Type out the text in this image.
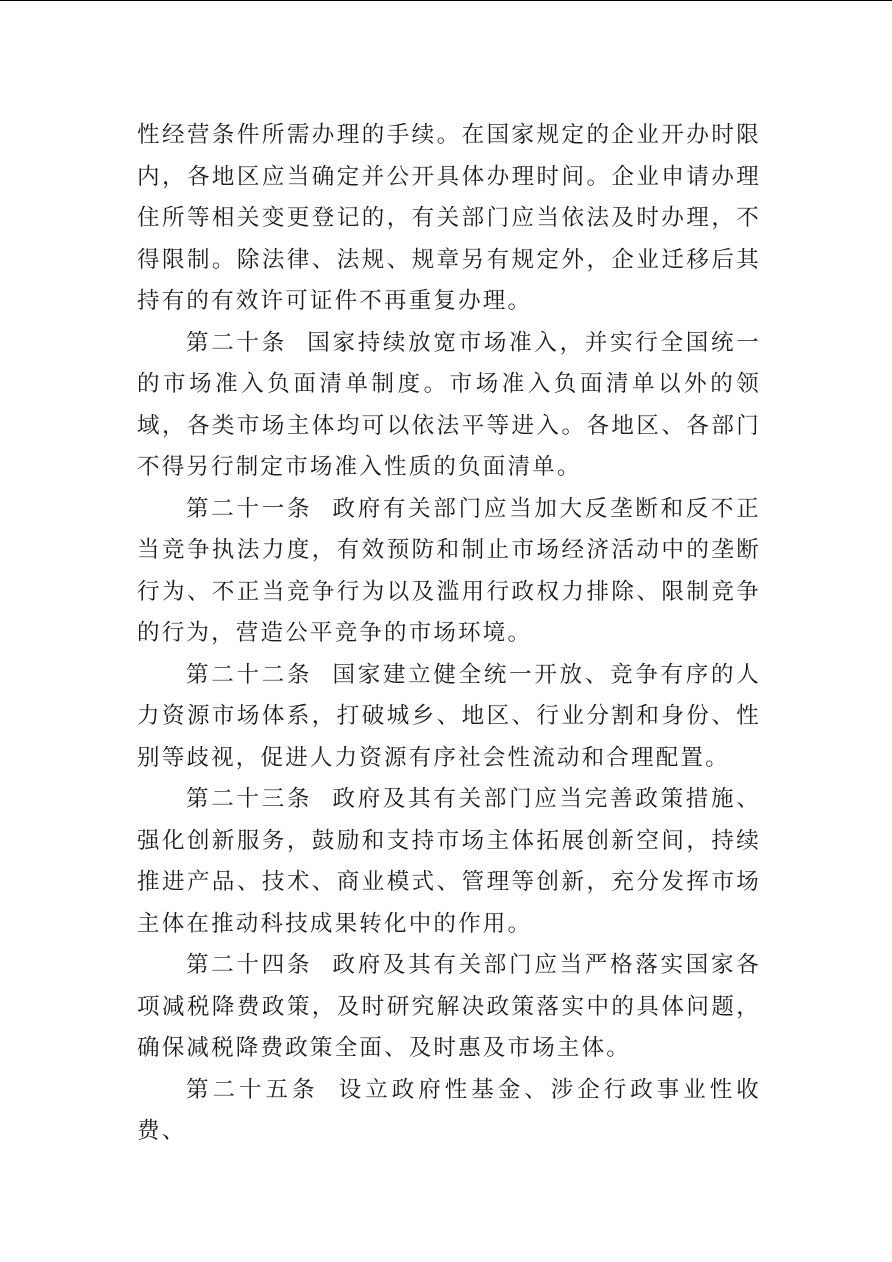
性经营条件所需办理的手续。在国家规定的企业开办时限内，各地区应当确定并公开具体办理时间。企业申请办理住所等相关变更登记的，有关部门应当依法及时办理，不得限制。除法律、法规、规章另有规定外，企业迁移后其持有的有效许可证件不再重复办理。

第二十条 国家持续放宽市场准入，并实行全国统一的市场准入负面清单制度。市场准入负面清单以外的领域，各类市场主体均可以依法平等进入。各地区、各部门不得另行制定市场准入性质的负面清单。

第二十一条 政府有关部门应当加大反垄断和反不正当竞争执法力度，有效预防和制止市场经济活动中的垄断行为、不正当竞争行为以及滥用行政权力排除、限制竞争的行为，营造公平竞争的市场环境。

第二十二条 国家建立健全统一开放、竞争有序的人力资源市场体系，打破城乡、地区、行业分割和身份、性别等歧视，促进人力资源有序社会性流动和合理配置。

第二十三条 政府及其有关部门应当完善政策措施、强化创新服务，鼓励和支持市场主体拓展创新空间，持续推进产品、技术、商业模式、管理等创新，充分发挥市场主体在推动科技成果转化中的作用。

第二十四条 政府及其有关部门应当严格落实国家各项减税降费政策，及时研究解决政策落实中的具体问题，确保减税降费政策全面、及时惠及市场主体。

第二十五条 设立政府性基金、涉企行政事业性收费、
